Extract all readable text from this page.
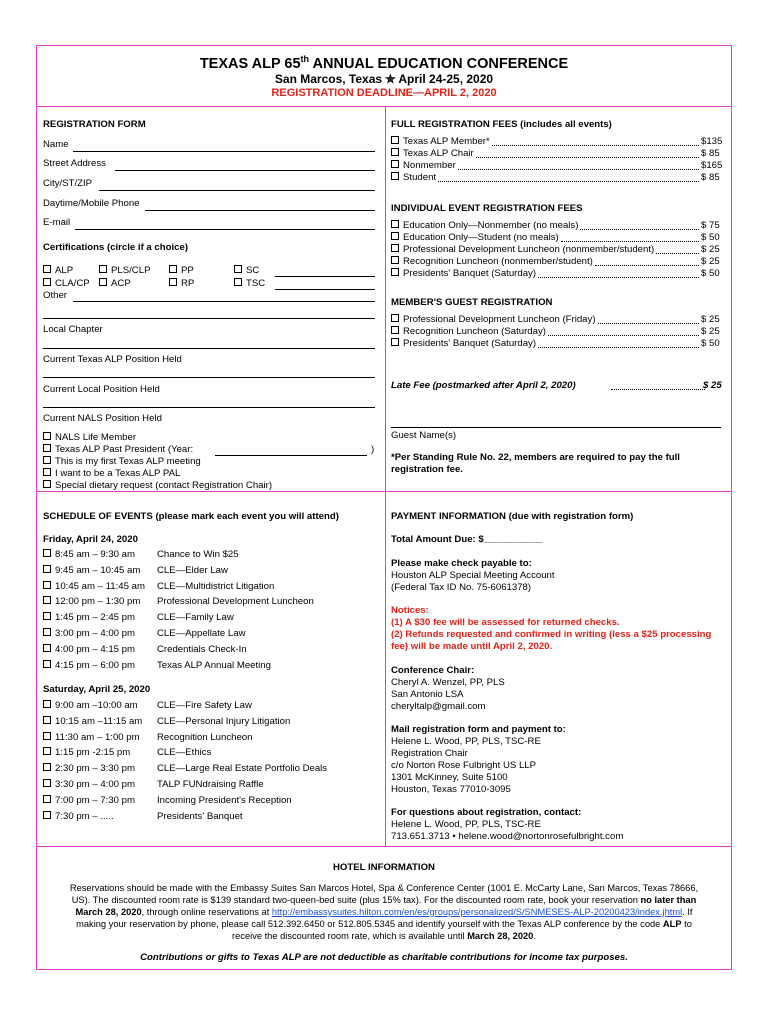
TEXAS ALP 65th ANNUAL EDUCATION CONFERENCE
San Marcos, Texas ✮ April 24-25, 2020
REGISTRATION DEADLINE—APRIL 2, 2020
REGISTRATION FORM
Name
Street Address
City/ST/ZIP
Daytime/Mobile Phone
E-mail
Certifications (circle if a choice)
ALP	PLS/CLP	PP	SC
CLA/CP	ACP	RP	TSC
Other
Local Chapter
Current Texas ALP Position Held
Current Local Position Held
Current NALS Position Held
NALS Life Member
Texas ALP Past President (Year:	)
This is my first Texas ALP meeting
I want to be a Texas ALP PAL
Special dietary request (contact Registration Chair)
FULL REGISTRATION FEES (includes all events)
INDIVIDUAL EVENT REGISTRATION FEES
MEMBER'S GUEST REGISTRATION
Late Fee (postmarked after April 2, 2020)	$ 25
Guest Name(s)
*Per Standing Rule No. 22, members are required to pay the full
registration fee.
SCHEDULE OF EVENTS (please mark each event you will attend)
Friday, April 24, 2020
Saturday, April 25, 2020
PAYMENT INFORMATION (due with registration form)
Total Amount Due: $___________
Please make check payable to:
Houston ALP Special Meeting Account
(Federal Tax ID No. 75-6061378)
Notices:
(1) A $30 fee will be assessed for returned checks.
(2) Refunds requested and confirmed in writing (less a $25 processing
fee) will be made until April 2, 2020.
Conference Chair:
Cheryl A. Wenzel, PP, PLS
San Antonio LSA
cheryltalp@gmail.com
Mail registration form and payment to:
Helene L. Wood, PP, PLS, TSC-RE
Registration Chair
c/o Norton Rose Fulbright US LLP
1301 McKinney, Suite 5100
Houston, Texas 77010-3095
For questions about registration, contact:
Helene L. Wood, PP, PLS, TSC-RE
713.651.3713 • helene.wood@nortonrosefulbright.com
HOTEL INFORMATION
Reservations should be made with the Embassy Suites San Marcos Hotel, Spa & Conference Center (1001 E. McCarty Lane, San Marcos, Texas 78666,
US). The discounted room rate is $139 standard two-queen-bed suite (plus 15% tax). For the discounted room rate, book your reservation no later than
March 28, 2020, through online reservations at http://embassysuites.hilton.com/en/es/groups/personalized/S/SNMESES-ALP-20200423/index.jhtml. If
making your reservation by phone, please call 512.392.6450 or 512.805.5345 and identify yourself with the Texas ALP conference by the code ALP to
receive the discounted room rate, which is available until March 28, 2020.
Contributions or gifts to Texas ALP are not deductible as charitable contributions for income tax purposes.
Texas ALP Member*	$135
Texas ALP Chair	$ 85
Nonmember	$165
Student	$ 85
Education Only—Nonmember (no meals)	$ 75
Education Only—Student (no meals)	$ 50
Professional Development Luncheon (nonmember/student)	$ 25
Recognition Luncheon (nonmember/student)	$ 25
Presidents' Banquet (Saturday)	$ 50
Professional Development Luncheon (Friday)	$ 25
Recognition Luncheon (Saturday)	$ 25
Presidents' Banquet (Saturday)	$ 50
8:45 am – 9:30 am Chance to Win $25
9:45 am – 10:45 am CLE—Elder Law
10:45 am – 11:45 am CLE—Multidistrict Litigation
12:00 pm – 1:30 pm Professional Development Luncheon
1:45 pm – 2:45 pm CLE—Family Law
3:00 pm – 4:00 pm CLE—Appellate Law
4:00 pm – 4:15 pm Credentials Check-In
4:15 pm – 6:00 pm Texas ALP Annual Meeting
9:00 am –10:00 am CLE—Fire Safety Law
10:15 am –11:15 am CLE—Personal Injury Litigation
11:30 am – 1:00 pm Recognition Luncheon
1:15 pm -2:15 pm	CLE—Ethics
2:30 pm – 3:30 pm CLE—Large Real Estate Portfolio Deals
3:30 pm – 4:00 pm TALP FUNdraising Raffle
7:00 pm – 7:30 pm Incoming President's Reception
7:30 pm – .....	Presidents' Banquet
